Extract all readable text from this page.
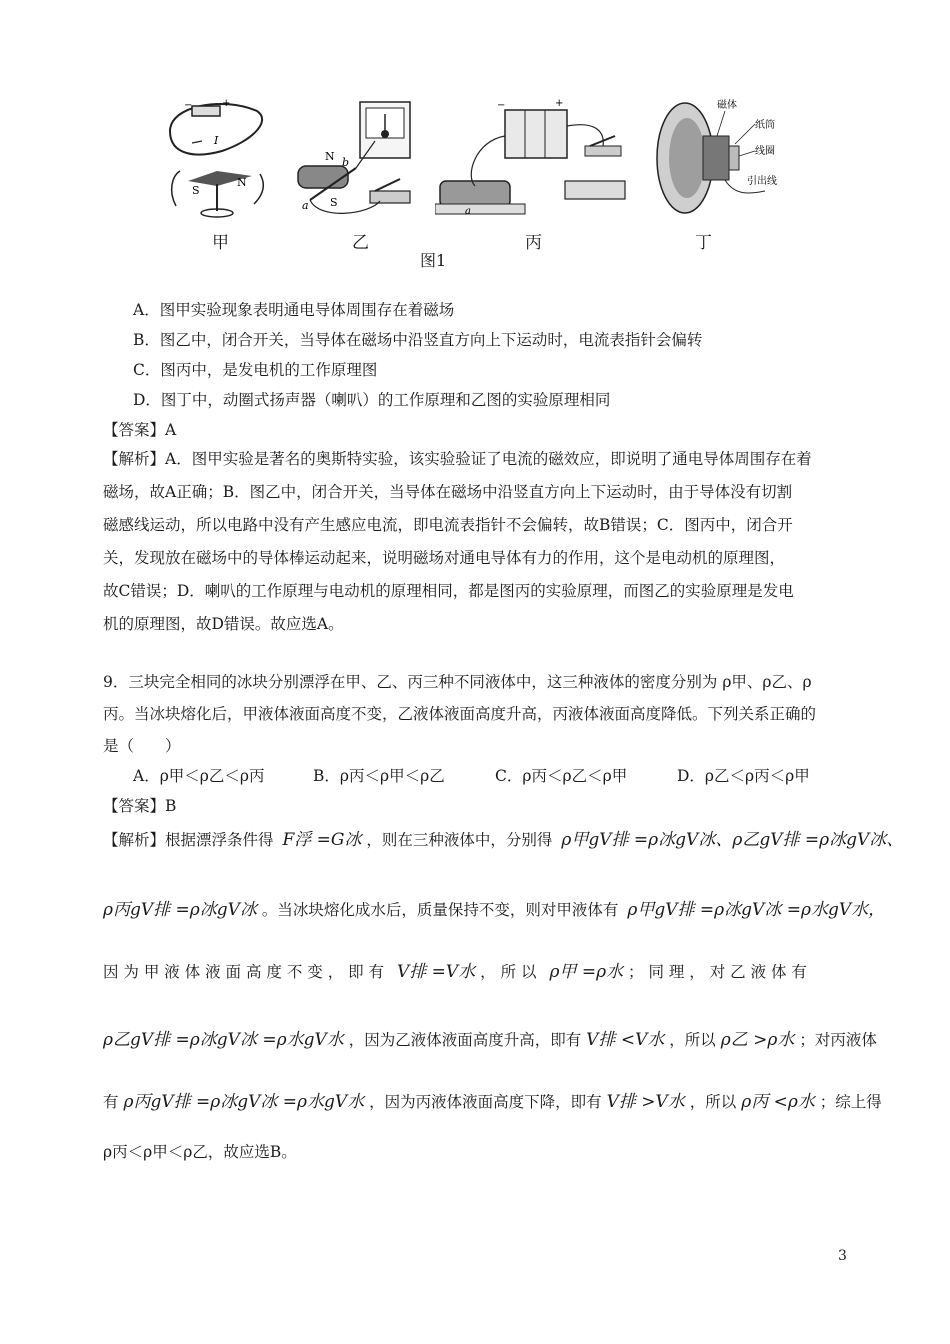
−	+
I
S
N
甲
N b
a S
乙
+
−
a
丙
磁体
纸筒
线圈
引出线
丁
图1
A．图甲实验现象表明通电导体周围存在着磁场
B．图乙中，闭合开关，当导体在磁场中沿竖直方向上下运动时，电流表指针会偏转
C．图丙中，是发电机的工作原理图
D．图丁中，动圈式扬声器（喇叭）的工作原理和乙图的实验原理相同
【答案】A
【解析】A．图甲实验是著名的奥斯特实验，该实验验证了电流的磁效应，即说明了通电导体周围存在着
磁场，故A正确；B．图乙中，闭合开关，当导体在磁场中沿竖直方向上下运动时，由于导体没有切割
磁感线运动，所以电路中没有产生感应电流，即电流表指针不会偏转，故B错误；C．图丙中，闭合开
关，发现放在磁场中的导体棒运动起来，说明磁场对通电导体有力的作用，这个是电动机的原理图，
故C错误；D．喇叭的工作原理与电动机的原理相同，都是图丙的实验原理，而图乙的实验原理是发电
机的原理图，故D错误。故应选A。
9．三块完全相同的冰块分别漂浮在甲、乙、丙三种不同液体中，这三种液体的密度分别为 ρ甲、ρ乙、ρ
丙。当冰块熔化后，甲液体液面高度不变，乙液体液面高度升高，丙液体液面高度降低。下列关系正确的
是（　　）
A．ρ甲＜ρ乙＜ρ丙	B．ρ丙＜ρ甲＜ρ乙	C．ρ丙＜ρ乙＜ρ甲	D．ρ乙＜ρ丙＜ρ甲
【答案】B
【解析】根据漂浮条件得 F浮 =G冰 ，则在三种液体中，分别得 ρ甲gV排 =ρ冰gV冰、ρ乙gV排 =ρ冰gV冰、
ρ丙gV排 =ρ冰gV冰 。当冰块熔化成水后，质量保持不变，则对甲液体有 ρ甲gV排 =ρ冰gV冰 =ρ水gV水，
因 为 甲 液 体 液 面 高 度 不 变 ， 即 有 V排 =V水 ， 所 以 ρ甲 =ρ水 ； 同 理 ， 对 乙 液 体 有
ρ乙gV排 =ρ冰gV冰 =ρ水gV水 ，因为乙液体液面高度升高，即有 V排 <V水 ，所以 ρ乙 >ρ水 ；对丙液体
有 ρ丙gV排 =ρ冰gV冰 =ρ水gV水 ，因为丙液体液面高度下降，即有 V排 >V水 ，所以 ρ丙 <ρ水 ；综上得
ρ丙＜ρ甲＜ρ乙，故应选B。
3
